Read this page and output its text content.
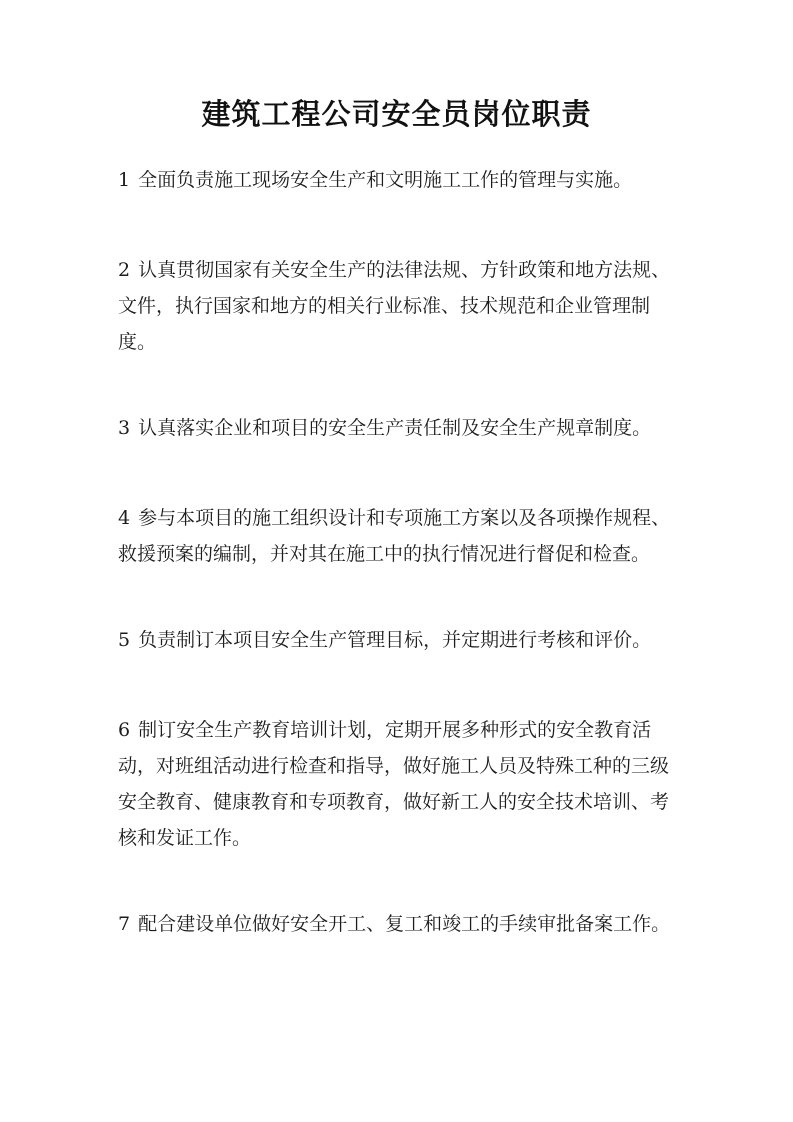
建筑工程公司安全员岗位职责

1 全面负责施工现场安全生产和文明施工工作的管理与实施。

2 认真贯彻国家有关安全生产的法律法规、方针政策和地方法规、文件，执行国家和地方的相关行业标准、技术规范和企业管理制度。

3 认真落实企业和项目的安全生产责任制及安全生产规章制度。

4 参与本项目的施工组织设计和专项施工方案以及各项操作规程、救援预案的编制，并对其在施工中的执行情况进行督促和检查。

5 负责制订本项目安全生产管理目标，并定期进行考核和评价。

6 制订安全生产教育培训计划，定期开展多种形式的安全教育活动，对班组活动进行检查和指导，做好施工人员及特殊工种的三级安全教育、健康教育和专项教育，做好新工人的安全技术培训、考核和发证工作。

7 配合建设单位做好安全开工、复工和竣工的手续审批备案工作。
